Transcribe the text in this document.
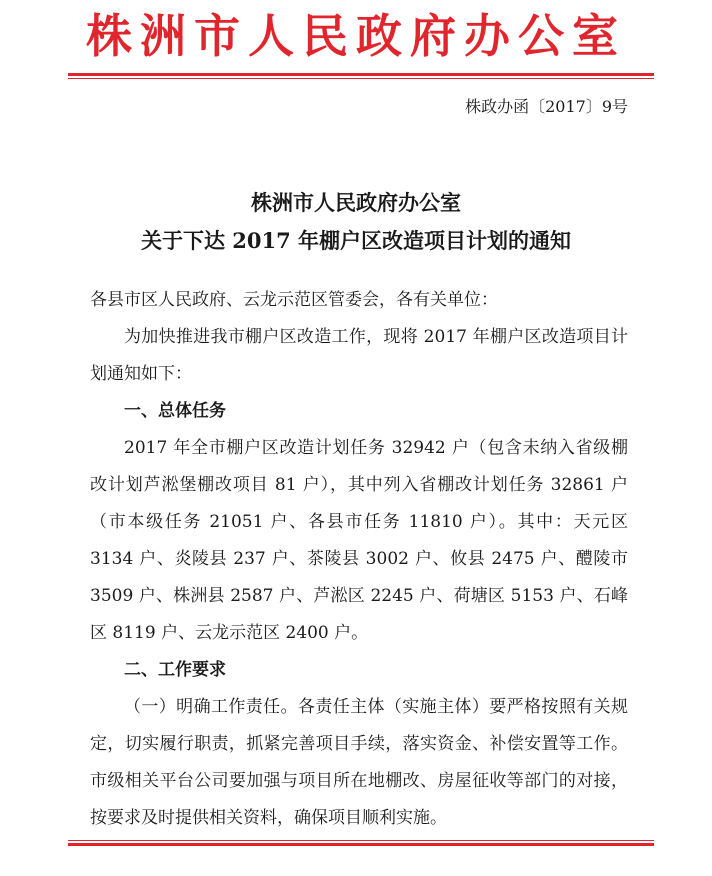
株洲市人民政府办公室
株政办函〔2017〕9号
株洲市人民政府办公室
关于下达 2017 年棚户区改造项目计划的通知

各县市区人民政府、云龙示范区管委会，各有关单位：

为加快推进我市棚户区改造工作，现将 2017 年棚户区改造项目计划通知如下：

一、总体任务

2017 年全市棚户区改造计划任务 32942 户（包含未纳入省级棚改计划芦淞堡棚改项目 81 户），其中列入省棚改计划任务 32861 户（市本级任务 21051 户、各县市任务 11810 户）。其中：天元区 3134 户、炎陵县 237 户、茶陵县 3002 户、攸县 2475 户、醴陵市 3509 户、株洲县 2587 户、芦淞区 2245 户、荷塘区 5153 户、石峰区 8119 户、云龙示范区 2400 户。

二、工作要求

（一）明确工作责任。各责任主体（实施主体）要严格按照有关规定，切实履行职责，抓紧完善项目手续，落实资金、补偿安置等工作。市级相关平台公司要加强与项目所在地棚改、房屋征收等部门的对接，按要求及时提供相关资料，确保项目顺利实施。
